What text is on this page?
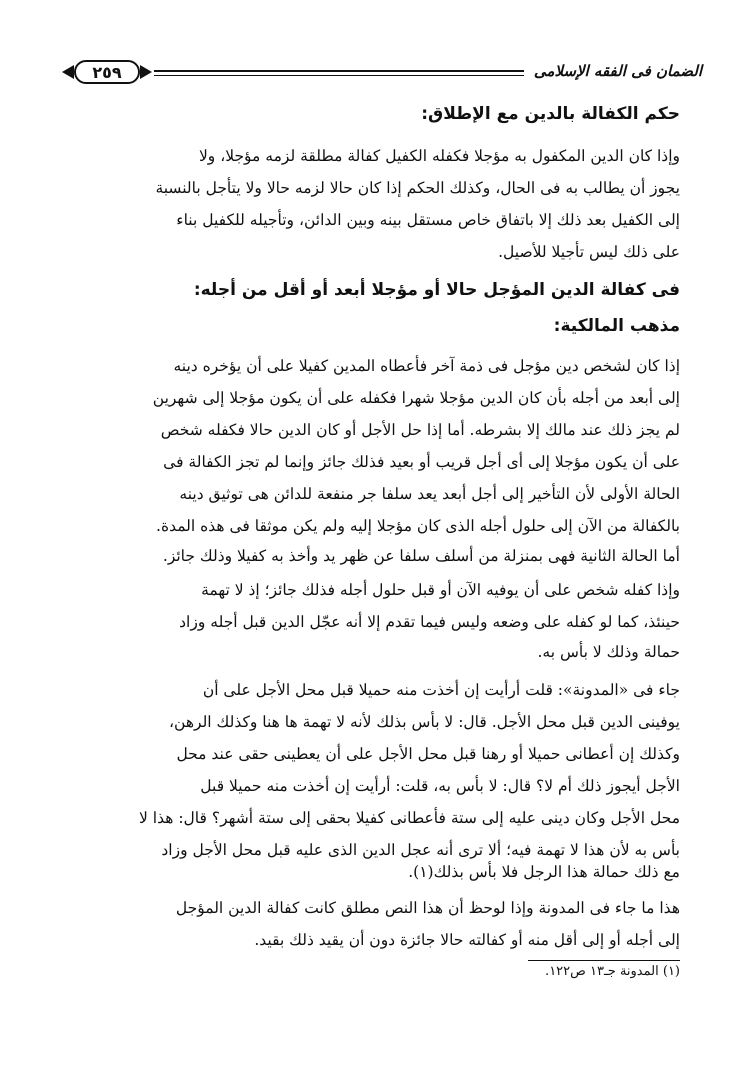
الضمان فى الفقه الإسلامى
٢٥٩
حكم الكفالة بالدين مع الإطلاق:
وإذا كان الدين المكفول به مؤجلا فكفله الكفيل كفالة مطلقة لزمه مؤجلا، ولا
يجوز أن يطالب به فى الحال، وكذلك الحكم إذا كان حالا لزمه حالا ولا يتأجل بالنسبة
إلى الكفيل بعد ذلك إلا باتفاق خاص مستقل بينه وبين الدائن، وتأجيله للكفيل بناء
على ذلك ليس تأجيلا للأصيل.
فى كفالة الدين المؤجل حالا أو مؤجلا أبعد أو أقل من أجله:
مذهب المالكية:
إذا كان لشخص دين مؤجل فى ذمة آخر فأعطاه المدين كفيلا على أن يؤخره دينه
إلى أبعد من أجله بأن كان الدين مؤجلا شهرا فكفله على أن يكون مؤجلا إلى شهرين
لم يجز ذلك عند مالك إلا بشرطه. أما إذا حل الأجل أو كان الدين حالا فكفله شخص
على أن يكون مؤجلا إلى أى أجل قريب أو بعيد فذلك جائز وإنما لم تجز الكفالة فى
الحالة الأولى لأن التأخير إلى أجل أبعد يعد سلفا جر منفعة للدائن هى توثيق دينه
بالكفالة من الآن إلى حلول أجله الذى كان مؤجلا إليه ولم يكن موثقا فى هذه المدة.
أما الحالة الثانية فهى بمنزلة من أسلف سلفا عن ظهر يد وأخذ به كفيلا وذلك جائز.
وإذا كفله شخص على أن يوفيه الآن أو قبل حلول أجله فذلك جائز؛ إذ لا تهمة
حينئذ، كما لو كفله على وضعه وليس فيما تقدم إلا أنه عجّل الدين قبل أجله وزاد
حمالة وذلك لا بأس به.
جاء فى «المدونة»: قلت أرأيت إن أخذت منه حميلا قبل محل الأجل على أن
يوفينى الدين قبل محل الأجل. قال: لا بأس بذلك لأنه لا تهمة ها هنا وكذلك الرهن،
وكذلك إن أعطانى حميلا أو رهنا قبل محل الأجل على أن يعطينى حقى عند محل
الأجل أيجوز ذلك أم لا؟ قال: لا بأس به، قلت: أرأيت إن أخذت منه حميلا قبل
محل الأجل وكان دينى عليه إلى ستة فأعطانى كفيلا بحقى إلى ستة أشهر؟ قال: هذا لا
بأس به لأن هذا لا تهمة فيه؛ ألا ترى أنه عجل الدين الذى عليه قبل محل الأجل وزاد
مع ذلك حمالة هذا الرجل فلا بأس بذلك(١).
هذا ما جاء فى المدونة وإذا لوحظ أن هذا النص مطلق كانت كفالة الدين المؤجل
إلى أجله أو إلى أقل منه أو كفالته حالا جائزة دون أن يقيد ذلك بقيد.
(١) المدونة جـ١٣ ص١٢٢.
